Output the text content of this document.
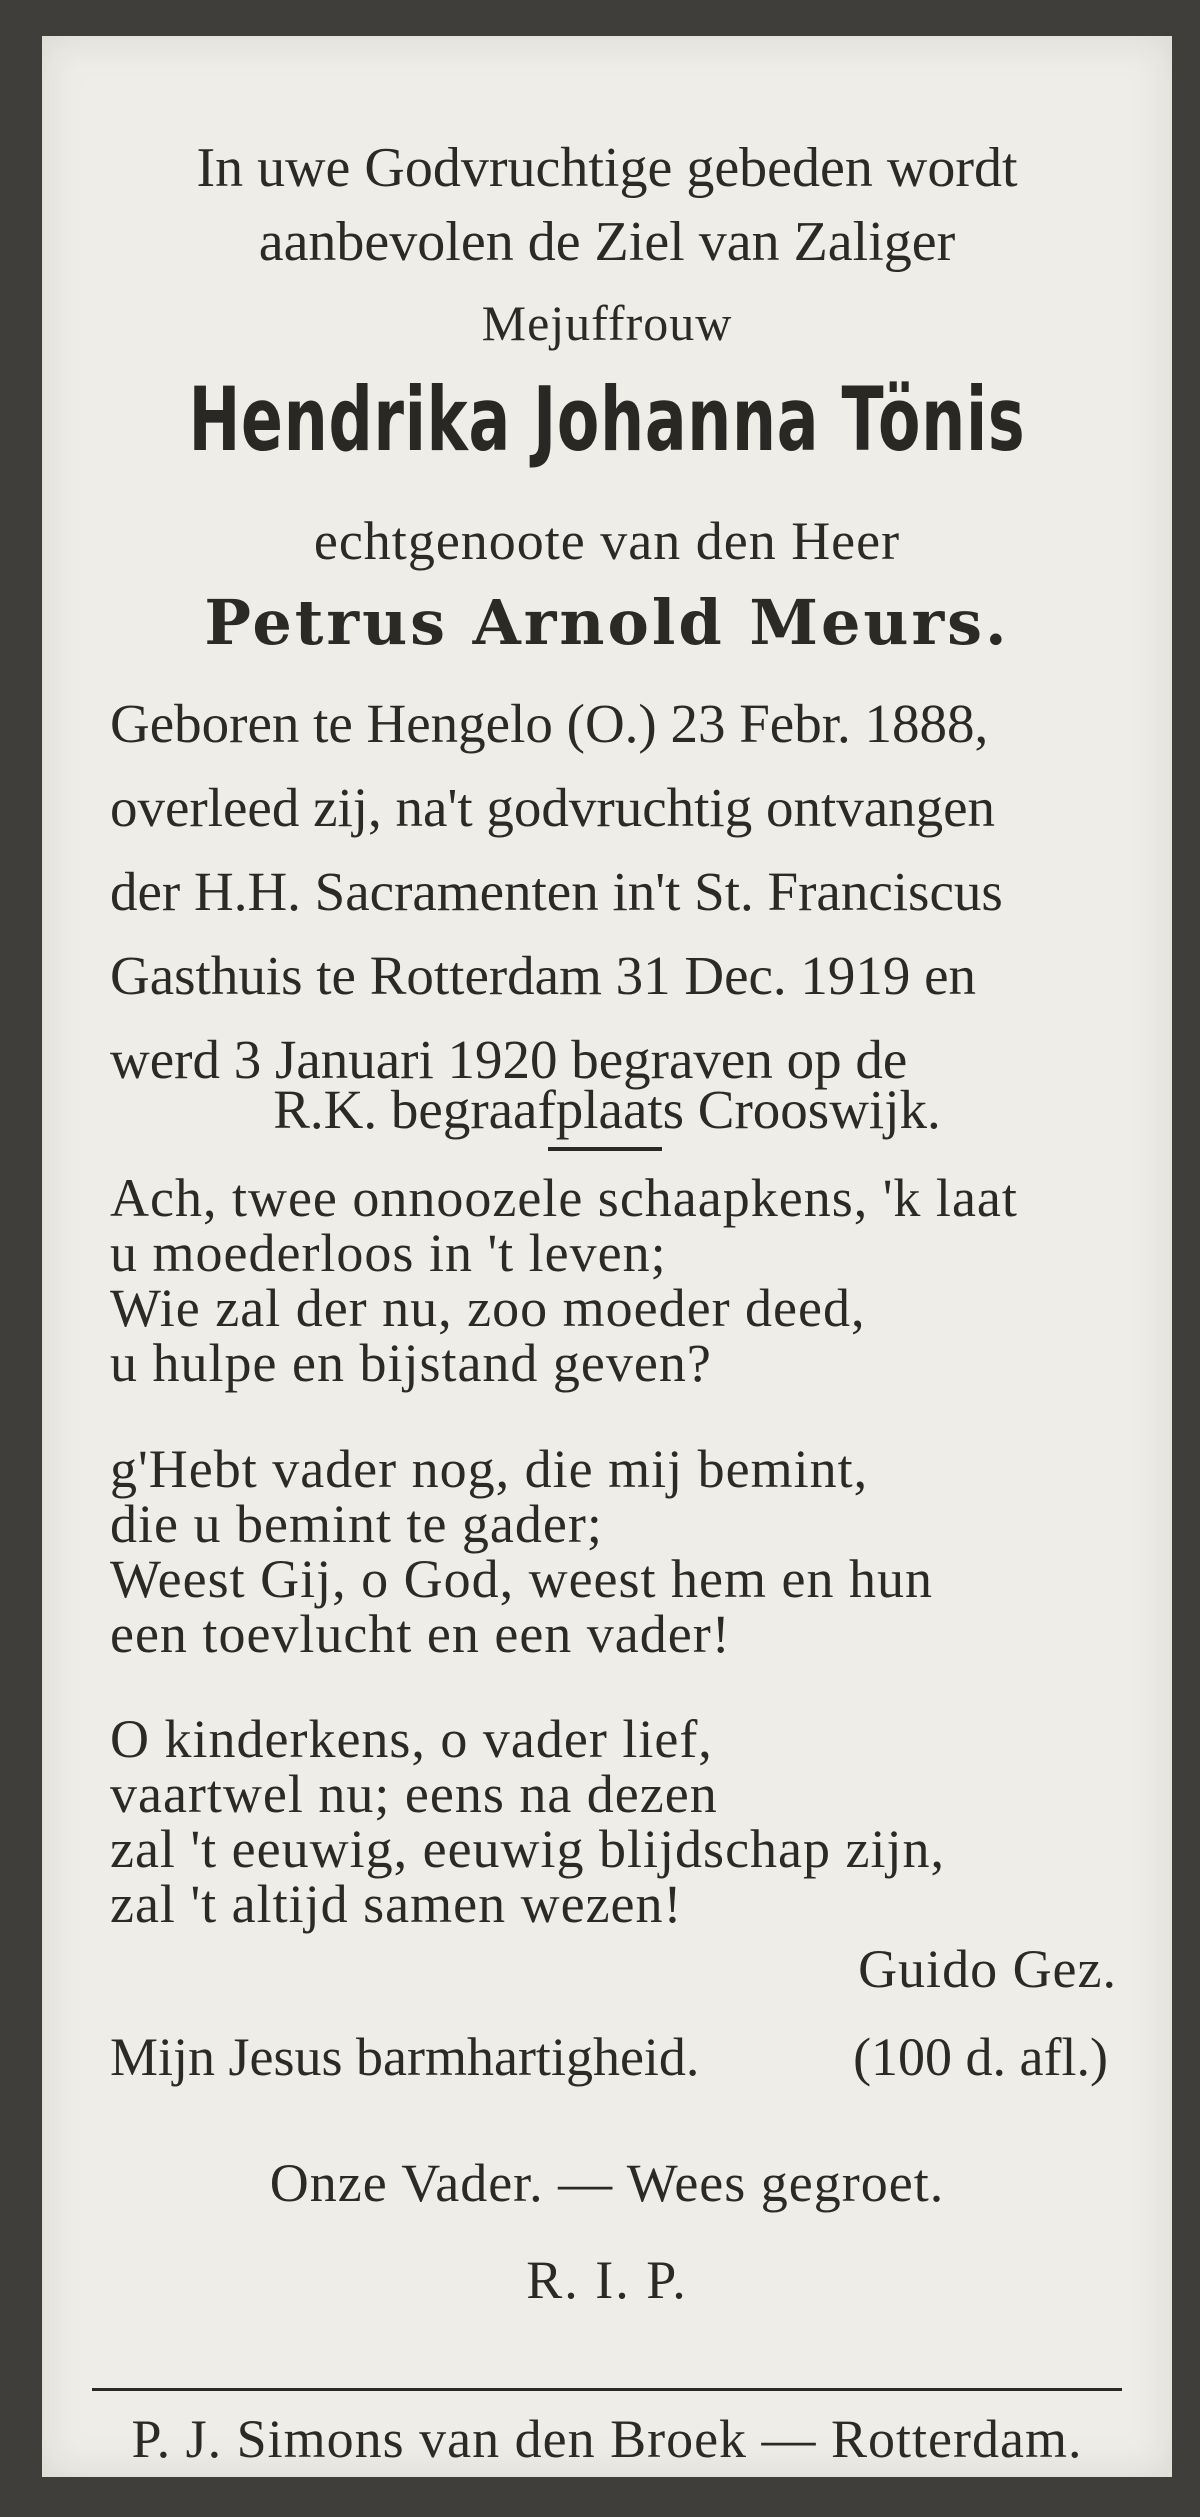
In uwe Godvruchtige gebeden wordt
aanbevolen de Ziel van Zaliger
Mejuffrouw
Hendrika Johanna Tönis
echtgenoote van den Heer
Petrus Arnold Meurs.
Geboren te Hengelo (O.) 23 Febr. 1888,
overleed zij, na't godvruchtig ontvangen
der H.H. Sacramenten in't St. Franciscus
Gasthuis te Rotterdam 31 Dec. 1919 en
werd 3 Januari 1920 begraven op de
R.K. begraafplaats Crooswijk.
Ach, twee onnoozele schaapkens, 'k laat
u moederloos in 't leven;
Wie zal der nu, zoo moeder deed,
u hulpe en bijstand geven?
g'Hebt vader nog, die mij bemint,
die u bemint te gader;
Weest Gij, o God, weest hem en hun
een toevlucht en een vader!
O kinderkens, o vader lief,
vaartwel nu; eens na dezen
zal 't eeuwig, eeuwig blijdschap zijn,
zal 't altijd samen wezen!
Guido Gez.
Mijn Jesus barmhartigheid.	(100 d. afl.)
Onze Vader. — Wees gegroet.
R. I. P.
P. J. Simons van den Broek — Rotterdam.
